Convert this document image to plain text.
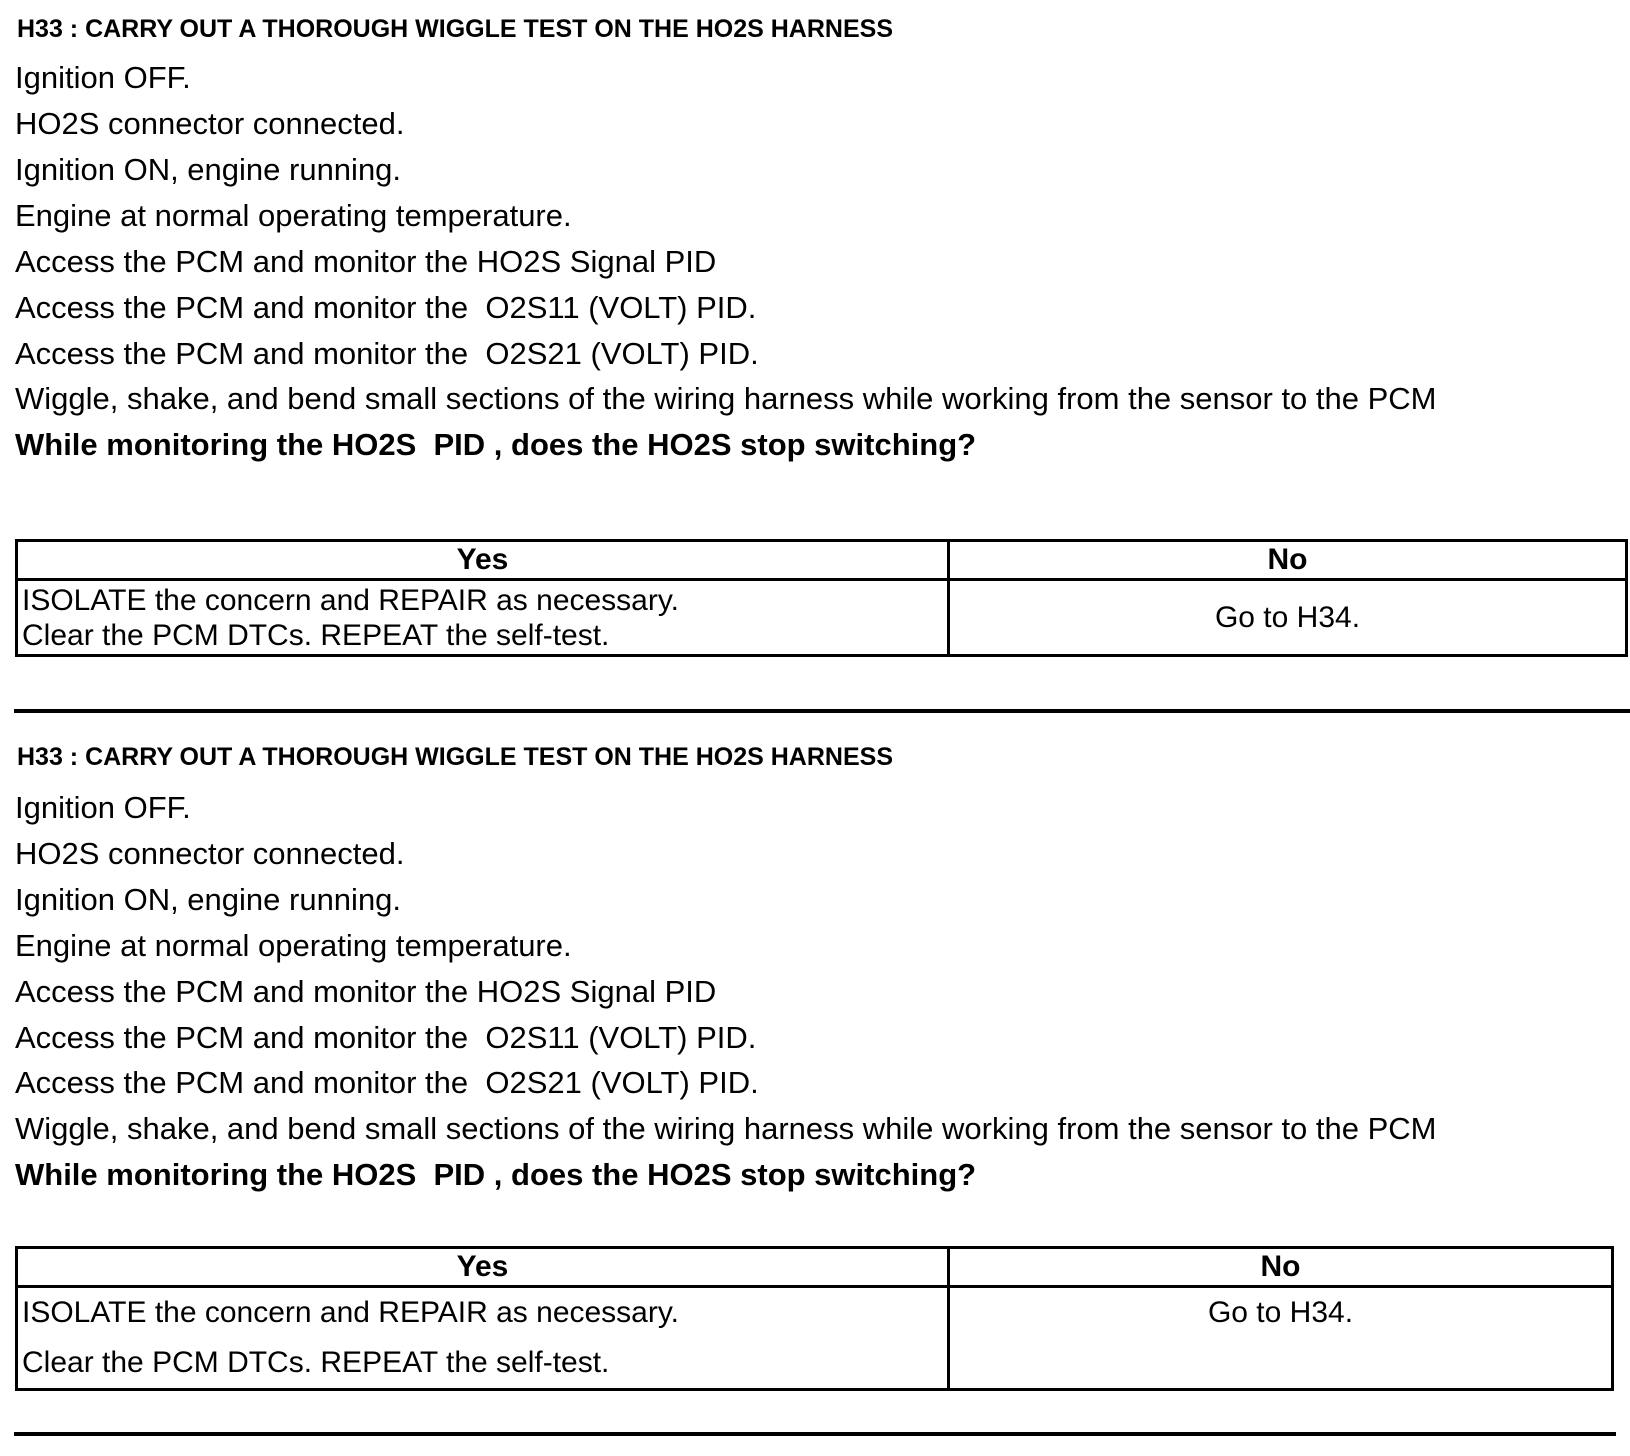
H33 : CARRY OUT A THOROUGH WIGGLE TEST ON THE HO2S HARNESS
Ignition OFF.
HO2S connector connected.
Ignition ON, engine running.
Engine at normal operating temperature.
Access the PCM and monitor the HO2S Signal PID
Access the PCM and monitor the  O2S11 (VOLT) PID.
Access the PCM and monitor the  O2S21 (VOLT) PID.
Wiggle, shake, and bend small sections of the wiring harness while working from the sensor to the PCM
While monitoring the HO2S  PID , does the HO2S stop switching?
Yes	No

ISOLATE the concern and REPAIR as necessary.
Clear the PCM DTCs. REPEAT the self-test.	Go to H34.
H33 : CARRY OUT A THOROUGH WIGGLE TEST ON THE HO2S HARNESS
Ignition OFF.
HO2S connector connected.
Ignition ON, engine running.
Engine at normal operating temperature.
Access the PCM and monitor the HO2S Signal PID
Access the PCM and monitor the  O2S11 (VOLT) PID.
Access the PCM and monitor the  O2S21 (VOLT) PID.
Wiggle, shake, and bend small sections of the wiring harness while working from the sensor to the PCM
While monitoring the HO2S  PID , does the HO2S stop switching?
Yes	No

ISOLATE the concern and REPAIR as necessary.
Clear the PCM DTCs. REPEAT the self-test.	Go to H34.
